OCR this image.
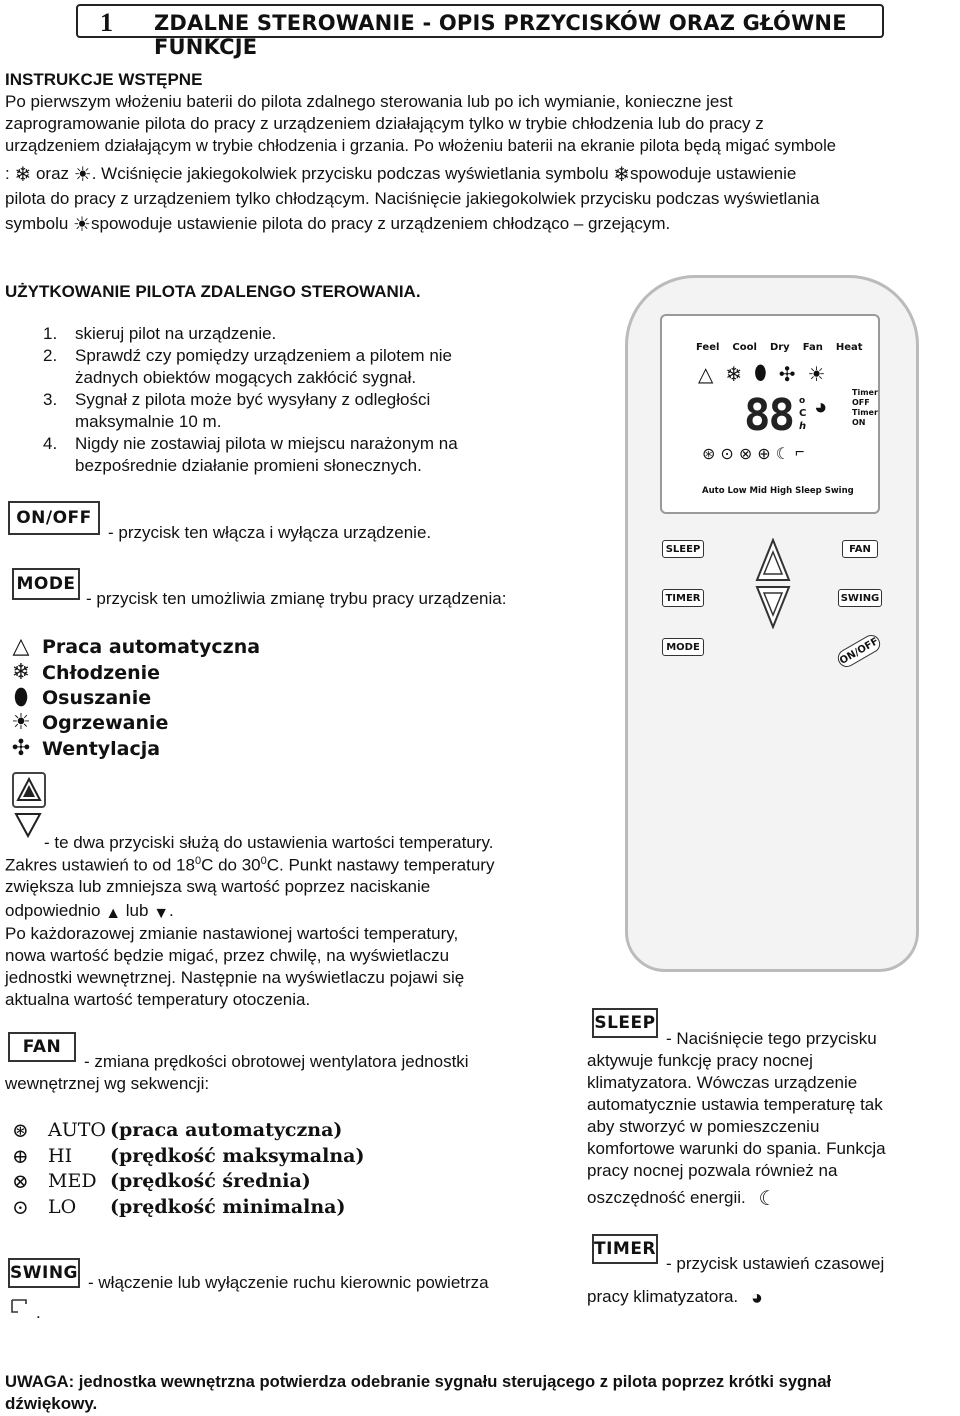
1 ZDALNE STEROWANIE - OPIS PRZYCISKÓW ORAZ GŁÓWNE FUNKCJE
INSTRUKCJE WSTĘPNE
Po pierwszym włożeniu baterii do pilota zdalnego sterowania lub po ich wymianie, konieczne jest
zaprogramowanie pilota do pracy z urządzeniem działającym tylko w trybie chłodzenia lub do pracy z
urządzeniem działającym w trybie chłodzenia i grzania. Po włożeniu baterii na ekranie pilota będą migać symbole
: ❄ oraz ☀. Wciśnięcie jakiegokolwiek przycisku podczas wyświetlania symbolu ❄spowoduje ustawienie
pilota do pracy z urządzeniem tylko chłodzącym. Naciśnięcie jakiegokolwiek przycisku podczas wyświetlania
symbolu ☀spowoduje ustawienie pilota do pracy z urządzeniem chłodząco – grzejącym.
UŻYTKOWANIE PILOTA ZDALENGO STEROWANIA.
1.	skieruj pilot na urządzenie.
2.	Sprawdź czy pomiędzy urządzeniem a pilotem nie
żadnych obiektów mogących zakłócić sygnał.
3.	Sygnał z pilota może być wysyłany z odległości
maksymalnie 10 m.
4.	Nigdy nie zostawiaj pilota w miejscu narażonym na
bezpośrednie działanie promieni słonecznych.
ON/OFF
- przycisk ten włącza i wyłącza urządzenie.
MODE
- przycisk ten umożliwia zmianę trybu pracy urządzenia:
△ Praca automatyczna
❄ Chłodzenie
⬮ Osuszanie
☀ Ogrzewanie
✣ Wentylacja
- te dwa przyciski służą do ustawienia wartości temperatury.
Zakres ustawień to od $18^0C$ do $30^0C$. Punkt nastawy temperatury
zwiększa lub zmniejsza swą wartość poprzez naciskanie
odpowiednio ▲ lub ▼.
Po każdorazowej zmianie nastawionej wartości temperatury,
nowa wartość będzie migać, przez chwilę, na wyświetlaczu
jednostki wewnętrznej. Następnie na wyświetlaczu pojawi się
aktualna wartość temperatury otoczenia.
FAN
- zmiana prędkości obrotowej wentylatora jednostki
wewnętrznej wg sekwencji:
⊛	AUTO (praca automatyczna)
⊕	HI	(prędkość maksymalna)
⊗	MED (prędkość średnia)
⊙	LO	(prędkość minimalna)
SWING - włączenie lub wyłączenie ruchu kierownic powietrza
.
SLEEP
- Naciśnięcie tego przycisku
aktywuje funkcję pracy nocnej
klimatyzatora. Wówczas urządzenie
automatycznie ustawia temperaturę tak
aby stworzyć w pomieszczeniu
komfortowe warunki do spania. Funkcja
pracy nocnej pozwala również na
oszczędność energii. ☾
TIMER
- przycisk ustawień czasowej
pracy klimatyzatora. ◕
UWAGA: jednostka wewnętrzna potwierdza odebranie sygnału sterującego z pilota poprzez krótki sygnał
dźwiękowy.
Feel Cool Dry Fan Heat
△ ❄ ⬮ ✣ ☀
88 o
C
h
◕
Timer
OFF
Timer
ON
⊛ ⊙ ⊗ ⊕ ☾ ⌐
Auto Low Mid High Sleep Swing
SLEEP	FAN
TIMER	SWING
MODE	ON/OFF
